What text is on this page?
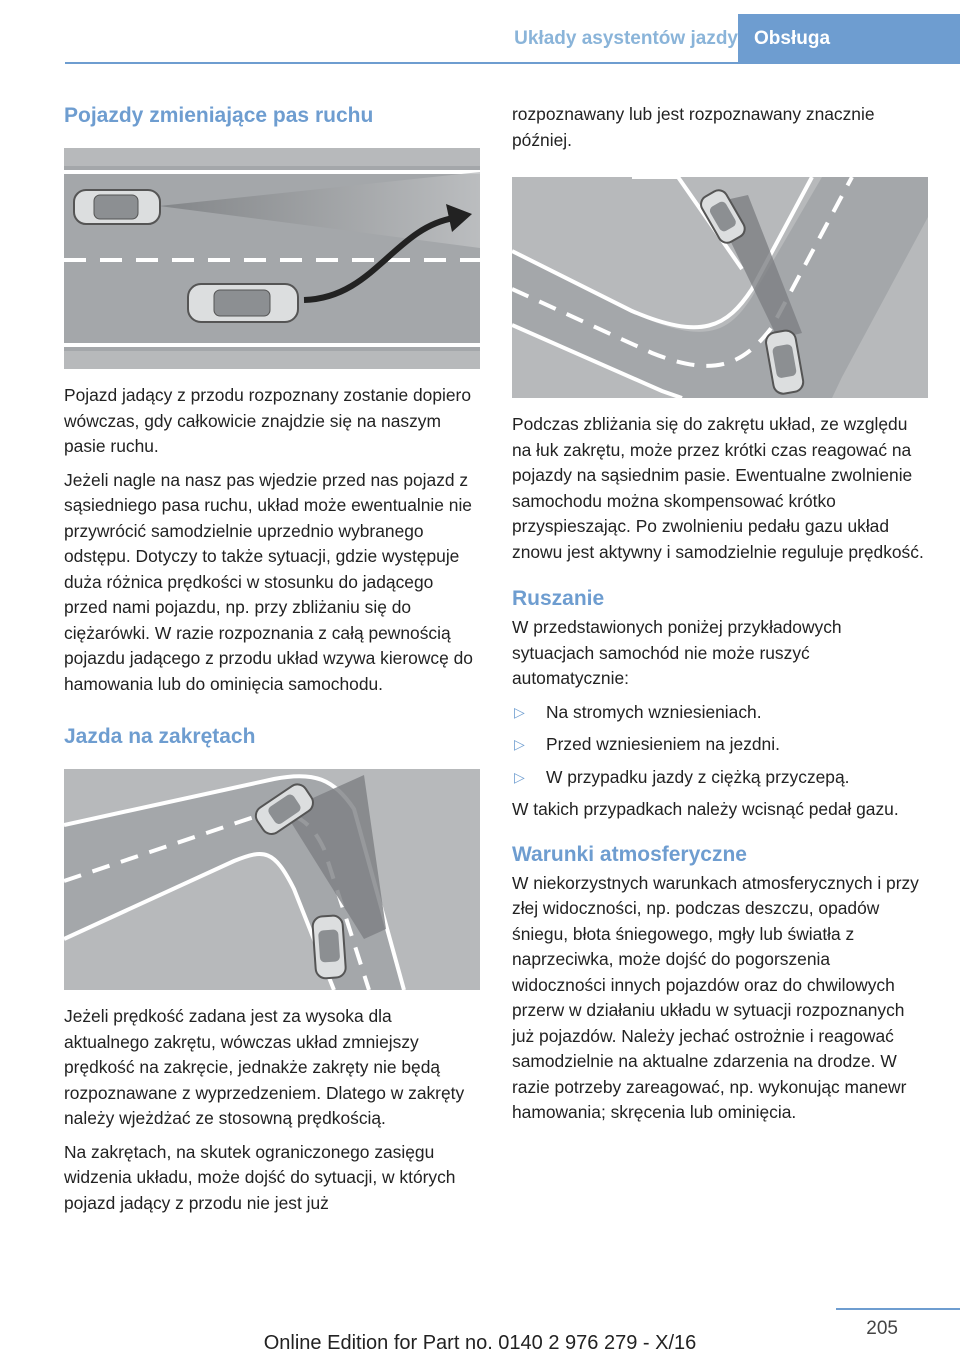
Układy asystentów jazdy Obsługa
Pojazdy zmieniające pas ruchu

Pojazd jadący z przodu rozpoznany zostanie dopiero wówczas, gdy całkowicie znajdzie się na naszym pasie ruchu.

Jeżeli nagle na nasz pas wjedzie przed nas pojazd z sąsiedniego pasa ruchu, układ może ewentualnie nie przywrócić samodzielnie uprzednio wybranego odstępu. Dotyczy to także sytuacji, gdzie występuje duża różnica prędkości w stosunku do jadącego przed nami pojazdu, np. przy zbliżaniu się do ciężarówki. W razie rozpoznania z całą pewnością pojazdu jadącego z przodu układ wzywa kierowcę do hamowania lub do ominięcia samochodu.

Jazda na zakrętach

Jeżeli prędkość zadana jest za wysoka dla aktualnego zakrętu, wówczas układ zmniejszy prędkość na zakręcie, jednakże zakręty nie będą rozpoznawane z wyprzedzeniem. Dlatego w zakręty należy wjeżdżać ze stosowną prędkością.

Na zakrętach, na skutek ograniczonego zasięgu widzenia układu, może dojść do sytuacji, w których pojazd jadący z przodu nie jest już

rozpoznawany lub jest rozpoznawany znacznie później.

Podczas zbliżania się do zakrętu układ, ze względu na łuk zakrętu, może przez krótki czas reagować na pojazdy na sąsiednim pasie. Ewentualne zwolnienie samochodu można skompensować krótko przyspieszając. Po zwolnieniu pedału gazu układ znowu jest aktywny i samodzielnie reguluje prędkość.

Ruszanie

W przedstawionych poniżej przykładowych sytuacjach samochód nie może ruszyć automatycznie:

▷ Na stromych wzniesieniach.
▷ Przed wzniesieniem na jezdni.
▷ W przypadku jazdy z ciężką przyczepą.

W takich przypadkach należy wcisnąć pedał gazu.

Warunki atmosferyczne

W niekorzystnych warunkach atmosferycznych i przy złej widoczności, np. podczas deszczu, opadów śniegu, błota śniegowego, mgły lub światła z naprzeciwka, może dojść do pogorszenia widoczności innych pojazdów oraz do chwilowych przerw w działaniu układu w sytuacji rozpoznanych już pojazdów. Należy jechać ostrożnie i reagować samodzielnie na aktualne zdarzenia na drodze. W razie potrzeby zareagować, np. wykonując manewr hamowania; skręcenia lub ominięcia.

205
Online Edition for Part no. 0140 2 976 279 - X/16
